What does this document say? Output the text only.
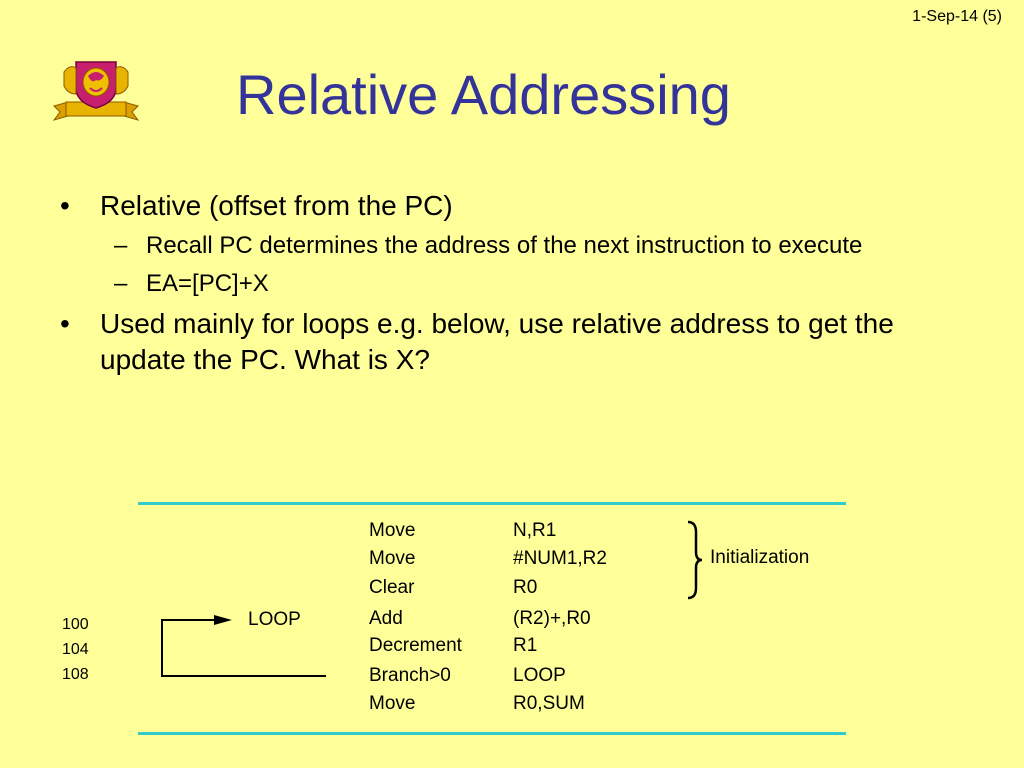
1-Sep-14 (5)
Relative Addressing
• Relative (offset from the PC)
– Recall PC determines the address of the next instruction to execute
– EA=[PC]+X
• Used mainly for loops e.g. below, use relative address to get the update the PC. What is X?
LOOP
Initialization
100
104
108
Move	N,R1
Move	#NUM1,R2
Clear	R0
Add	(R2)+,R0
Decrement	R1
Branch>0	LOOP
Move	R0,SUM
